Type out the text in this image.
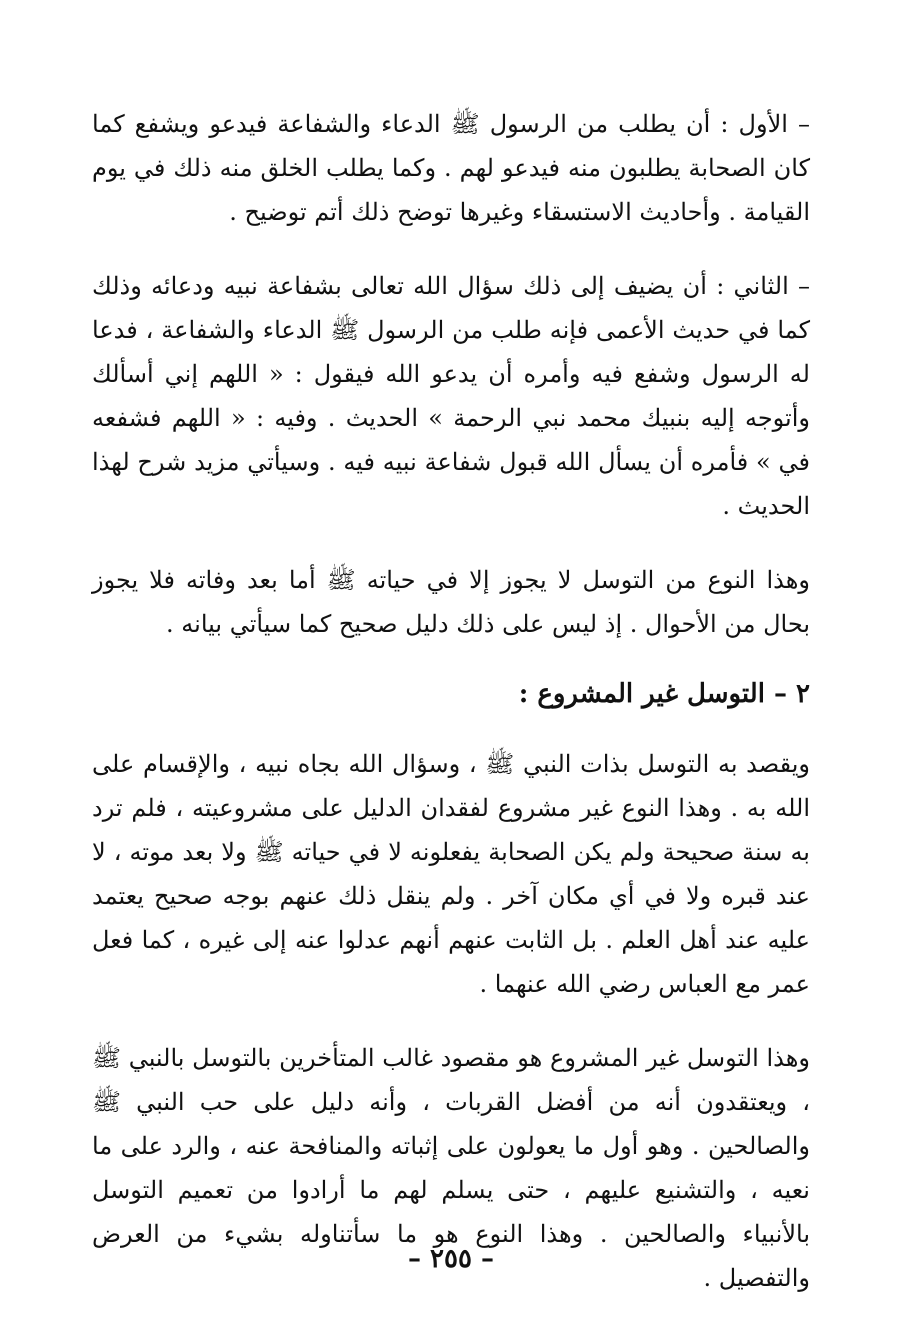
– الأول : أن يطلب من الرسول ﷺ الدعاء والشفاعة فيدعو ويشفع كما كان الصحابة يطلبون منه فيدعو لهم . وكما يطلب الخلق منه ذلك في يوم القيامة . وأحاديث الاستسقاء وغيرها توضح ذلك أتم توضيح .

– الثاني : أن يضيف إلى ذلك سؤال الله تعالى بشفاعة نبيه ودعائه وذلك كما في حديث الأعمى فإنه طلب من الرسول ﷺ الدعاء والشفاعة ، فدعا له الرسول وشفع فيه وأمره أن يدعو الله فيقول : « اللهم إني أسألك وأتوجه إليه بنبيك محمد نبي الرحمة » الحديث . وفيه : « اللهم فشفعه في » فأمره أن يسأل الله قبول شفاعة نبيه فيه . وسيأتي مزيد شرح لهذا الحديث .

وهذا النوع من التوسل لا يجوز إلا في حياته ﷺ أما بعد وفاته فلا يجوز بحال من الأحوال . إذ ليس على ذلك دليل صحيح كما سيأتي بيانه .

٢ – التوسل غير المشروع :

ويقصد به التوسل بذات النبي ﷺ ، وسؤال الله بجاه نبيه ، والإقسام على الله به . وهذا النوع غير مشروع لفقدان الدليل على مشروعيته ، فلم ترد به سنة صحيحة ولم يكن الصحابة يفعلونه لا في حياته ﷺ ولا بعد موته ، لا عند قبره ولا في أي مكان آخر . ولم ينقل ذلك عنهم بوجه صحيح يعتمد عليه عند أهل العلم . بل الثابت عنهم أنهم عدلوا عنه إلى غيره ، كما فعل عمر مع العباس رضي الله عنهما .

وهذا التوسل غير المشروع هو مقصود غالب المتأخرين بالتوسل بالنبي ﷺ ، ويعتقدون أنه من أفضل القربات ، وأنه دليل على حب النبي ﷺ والصالحين . وهو أول ما يعولون على إثباته والمنافحة عنه ، والرد على ما نعيه ، والتشنيع عليهم ، حتى يسلم لهم ما أرادوا من تعميم التوسل بالأنبياء والصالحين . وهذا النوع هو ما سأتناوله بشيء من العرض والتفصيل .

– ٢٥٥ –
